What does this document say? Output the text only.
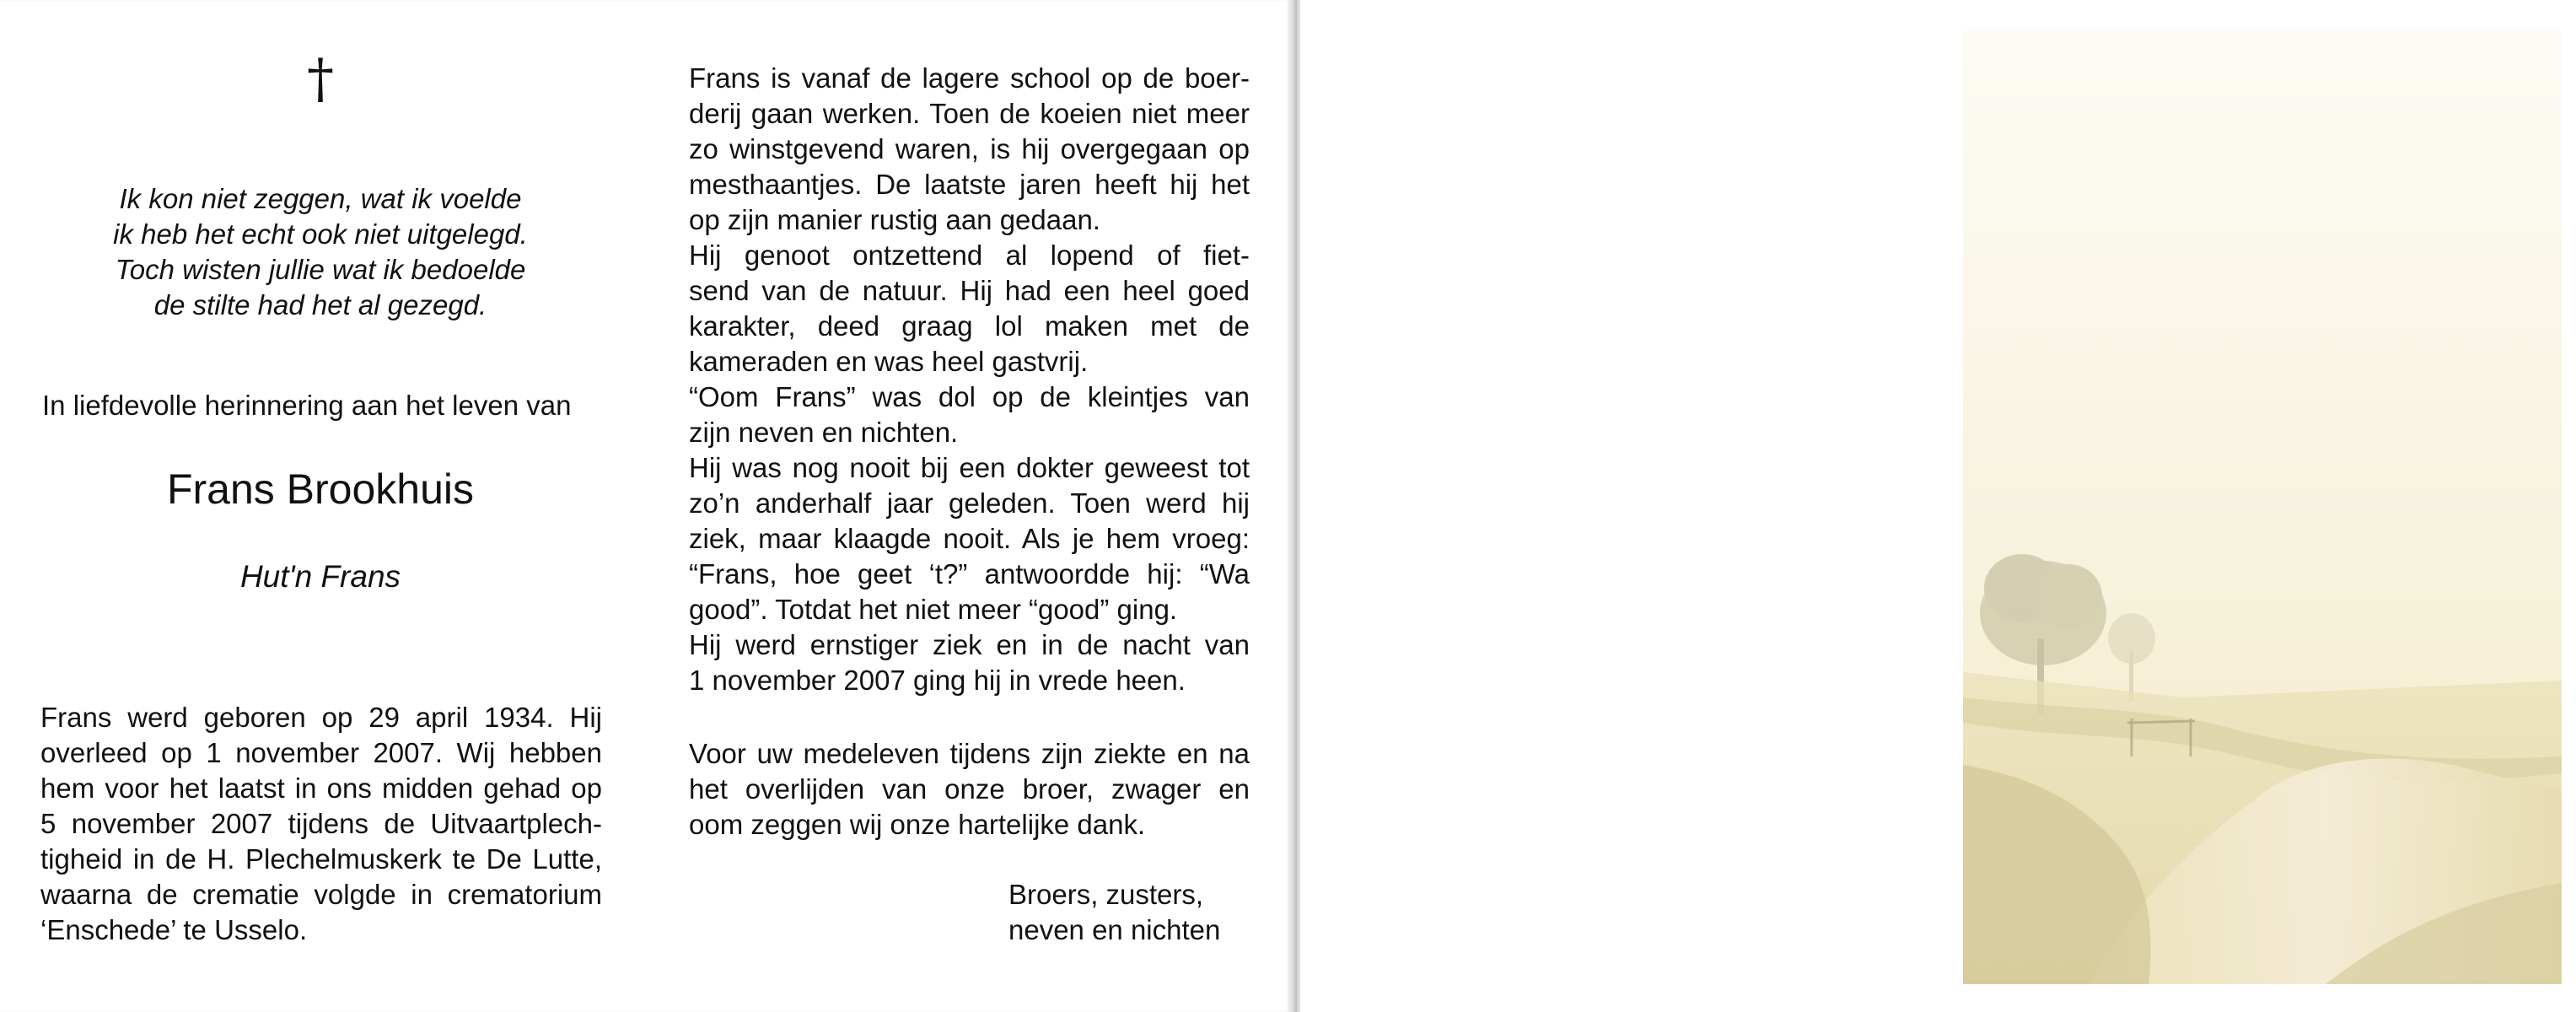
†
Ik kon niet zeggen, wat ik voelde
ik heb het echt ook niet uitgelegd.
Toch wisten jullie wat ik bedoelde
de stilte had het al gezegd.
In liefdevolle herinnering aan het leven van
Frans Brookhuis
Hut'n Frans
Frans werd geboren op 29 april 1934. Hij
overleed op 1 november 2007. Wij hebben
hem voor het laatst in ons midden gehad op
5 november 2007 tijdens de Uitvaartplech-
tigheid in de H. Plechelmuskerk te De Lutte,
waarna de crematie volgde in crematorium
‘Enschede’ te Usselo.
Frans is vanaf de lagere school op de boer-
derij gaan werken. Toen de koeien niet meer
zo winstgevend waren, is hij overgegaan op
mesthaantjes. De laatste jaren heeft hij het
op zijn manier rustig aan gedaan.
Hij genoot ontzettend al lopend of fiet-
send van de natuur. Hij had een heel goed
karakter, deed graag lol maken met de
kameraden en was heel gastvrij.
“Oom Frans” was dol op de kleintjes van
zijn neven en nichten.
Hij was nog nooit bij een dokter geweest tot
zo’n anderhalf jaar geleden. Toen werd hij
ziek, maar klaagde nooit. Als je hem vroeg:
“Frans, hoe geet ‘t?” antwoordde hij: “Wa
good”. Totdat het niet meer “good” ging.
Hij werd ernstiger ziek en in de nacht van
1 november 2007 ging hij in vrede heen.
Voor uw medeleven tijdens zijn ziekte en na
het overlijden van onze broer, zwager en
oom zeggen wij onze hartelijke dank.
Broers, zusters,
neven en nichten
